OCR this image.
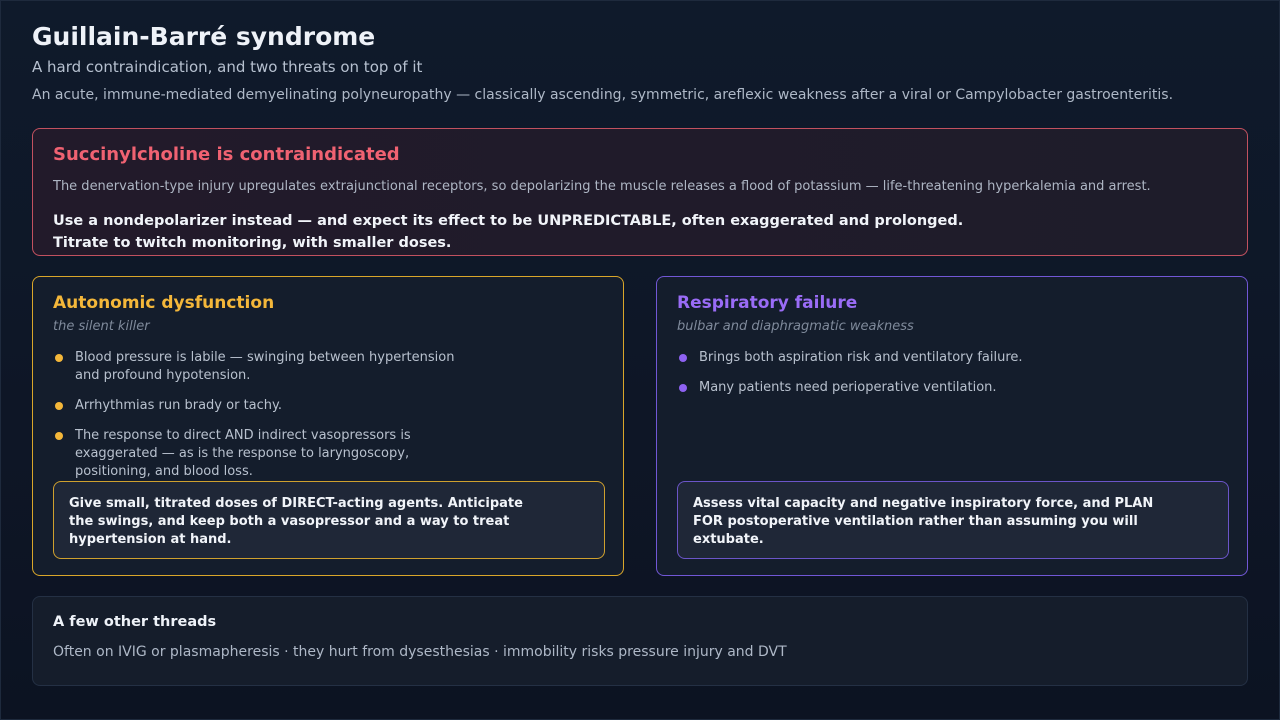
Guillain-Barré syndrome
A hard contraindication, and two threats on top of it
An acute, immune-mediated demyelinating polyneuropathy — classically ascending, symmetric, areflexic weakness after a viral or Campylobacter gastroenteritis.
Succinylcholine is contraindicated
The denervation-type injury upregulates extrajunctional receptors, so depolarizing the muscle releases a flood of potassium — life-threatening hyperkalemia and arrest.
Use a nondepolarizer instead — and expect its effect to be UNPREDICTABLE, often exaggerated and prolonged.
Titrate to twitch monitoring, with smaller doses.
Autonomic dysfunction
the silent killer
Blood pressure is labile — swinging between hypertension
and profound hypotension.
Arrhythmias run brady or tachy.
The response to direct AND indirect vasopressors is
exaggerated — as is the response to laryngoscopy,
positioning, and blood loss.
Give small, titrated doses of DIRECT-acting agents. Anticipate
the swings, and keep both a vasopressor and a way to treat
hypertension at hand.
Respiratory failure
bulbar and diaphragmatic weakness
Brings both aspiration risk and ventilatory failure.
Many patients need perioperative ventilation.
Assess vital capacity and negative inspiratory force, and PLAN
FOR postoperative ventilation rather than assuming you will
extubate.
A few other threads
Often on IVIG or plasmapheresis · they hurt from dysesthesias · immobility risks pressure injury and DVT
